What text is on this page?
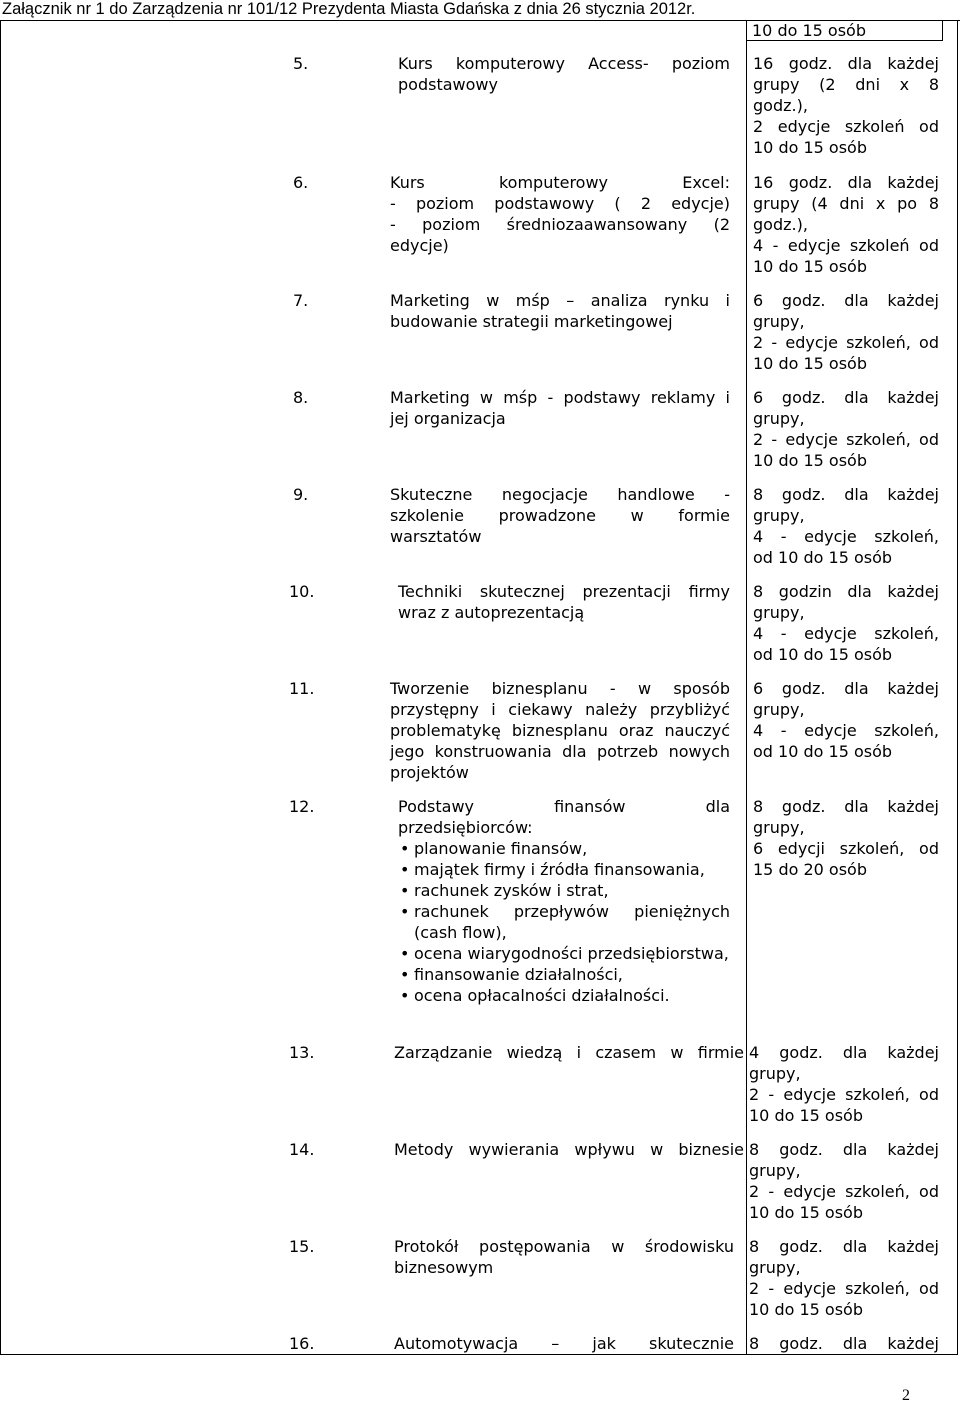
Załącznik nr 1 do Zarządzenia nr 101/12 Prezydenta Miasta Gdańska z dnia 26 stycznia 2012r.
10 do 15 osób
5.	Kurs komputerowy Access- poziom
podstawowy
16 godz. dla każdej
grupy (2 dni x 8
godz.),
2 edycje szkoleń od
10 do 15 osób
6.	Kurs komputerowy Excel:
- poziom podstawowy ( 2 edycje)
- poziom średniozaawansowany (2
edycje)
16 godz. dla każdej
grupy (4 dni x po 8
godz.),
4 - edycje szkoleń od
10 do 15 osób
7.	Marketing w mśp – analiza rynku i
budowanie strategii marketingowej
6 godz. dla każdej
grupy,
2 - edycje szkoleń, od
10 do 15 osób
8.	Marketing w mśp - podstawy reklamy i
jej organizacja
6 godz. dla każdej
grupy,
2 - edycje szkoleń, od
10 do 15 osób
9.	Skuteczne negocjacje handlowe -
szkolenie prowadzone w formie
warsztatów
8 godz. dla każdej
grupy,
4 - edycje szkoleń,
od 10 do 15 osób
10.	Techniki skutecznej prezentacji firmy
wraz z autoprezentacją
8 godzin dla każdej
grupy,
4 - edycje szkoleń,
od 10 do 15 osób
11.	Tworzenie biznesplanu - w sposób
przystępny i ciekawy należy przybliżyć
problematykę biznesplanu oraz nauczyć
jego konstruowania dla potrzeb nowych
projektów
6 godz. dla każdej
grupy,
4 - edycje szkoleń,
od 10 do 15 osób
12.	Podstawy finansów dla
przedsiębiorców:
• planowanie finansów,
• majątek firmy i źródła finansowania,
• rachunek zysków i strat,
• rachunek przepływów pieniężnych (cash flow),
• ocena wiarygodności przedsiębiorstwa,
• finansowanie działalności,
• ocena opłacalności działalności.
8 godz. dla każdej
grupy,
6 edycji szkoleń, od
15 do 20 osób
13.	Zarządzanie wiedzą i czasem w firmie 4 godz. dla każdej
grupy,
2 - edycje szkoleń, od
10 do 15 osób
14.	Metody wywierania wpływu w biznesie 8 godz. dla każdej
grupy,
2 - edycje szkoleń, od
10 do 15 osób
15.	Protokół postępowania w środowisku
biznesowym
8 godz. dla każdej
grupy,
2 - edycje szkoleń, od
10 do 15 osób
16.	Automotywacja – jak skutecznie 8 godz. dla każdej
2
